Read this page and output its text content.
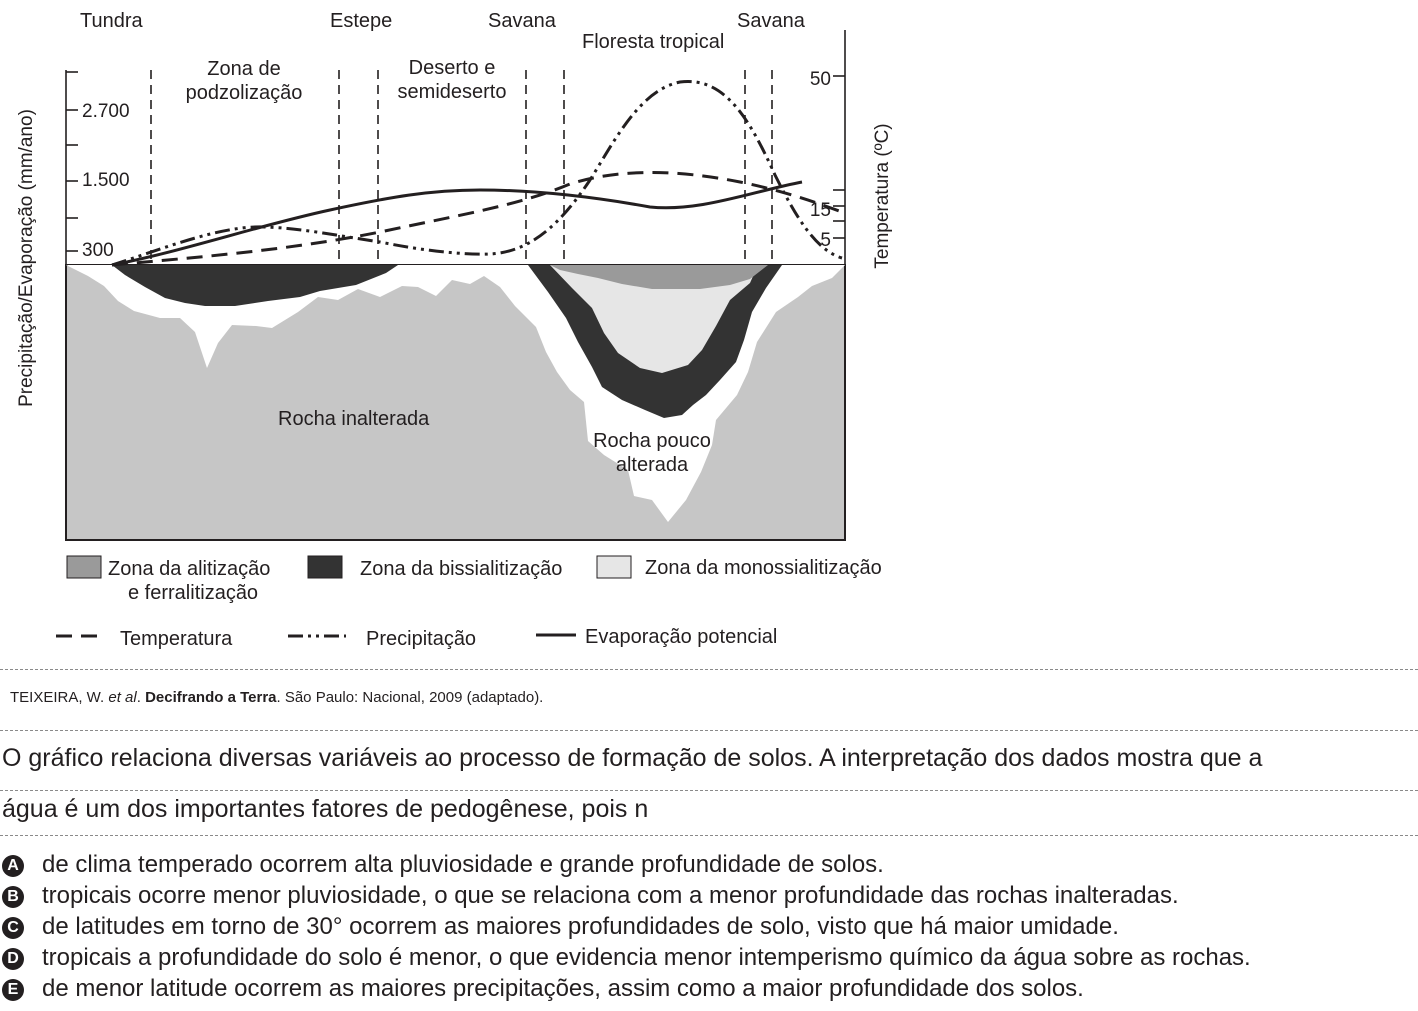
Tundra	Estepe	Savana
Floresta tropical
Savana
Zona de
podzolização
Deserto e
semideserto
2.700
1.500
300
Precipitação/Evaporação (mm/ano)
50
15
5 Temperatura (ºC)
Rocha inalterada
Rocha pouco
alterada
Zona da alitização
e ferralitização
Zona da bissialitização	Zona da monossialitização
Temperatura	Precipitação	Evaporação potencial
TEIXEIRA, W. et al. Decifrando a Terra. São Paulo: Nacional, 2009 (adaptado).
O gráfico relaciona diversas variáveis ao processo de formação de solos. A interpretação dos dados mostra que a
água é um dos importantes fatores de pedogênese, pois n
A de clima temperado ocorrem alta pluviosidade e grande profundidade de solos.
B tropicais ocorre menor pluviosidade, o que se relaciona com a menor profundidade das rochas inalteradas.
C de latitudes em torno de 30° ocorrem as maiores profundidades de solo, visto que há maior umidade.
D tropicais a profundidade do solo é menor, o que evidencia menor intemperismo químico da água sobre as rochas.
E de menor latitude ocorrem as maiores precipitações, assim como a maior profundidade dos solos.
